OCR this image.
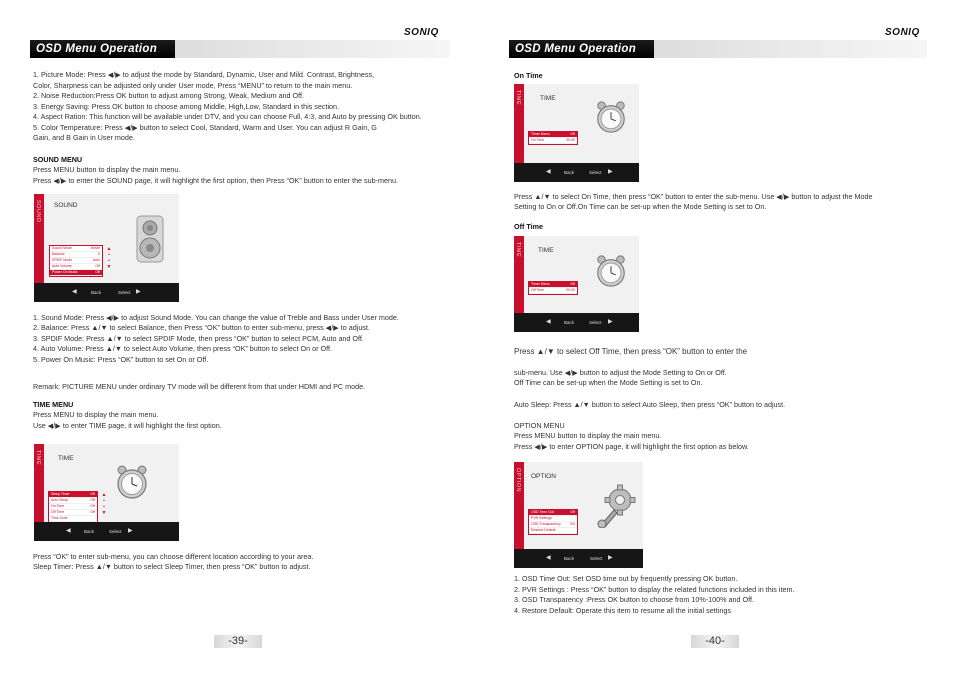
OSD Menu Operation
SONIQ
1. Picture Mode: Press ◀/▶ to adjust the mode by Standard, Dynamic, User and Mild. Contrast, Brightness,
Color, Sharpness can be adjusted only under User mode, Press “MENU” to return to the main menu.
2. Noise Reduction:Press OK button to adjust among Strong, Weak, Medium and Off.
3. Energy Saving: Press OK button to choose among Middle, High,Low, Standard in this section.
4. Aspect Ration: This function will be available under DTV, and you can choose Full, 4:3, and Auto by pressing OK button.
5. Color Temperature: Press ◀/▶ button to select Cool, Standard, Warm and User. You can adjust R Gain, G
Gain, and B Gain in User mode.
SOUND MENU
Press MENU button to display the main menu.
Press ◀/▶ to enter the SOUND page, it will highlight the first option, then Press “OK” button to enter the sub-menu.
SOUND SOUND
Sound Mode	Movie
Balance	0
SPDIF Mode	Auto
Auto Volume	Off
Power On Music	Off
▲
•
•
▼
◀	Back	Select ▶
1. Sound Mode: Press ◀/▶ to adjust Sound Mode. You can change the value of Treble and Bass under User mode.
2. Balance: Press ▲/▼ to select Balance, then Press “OK” button to enter sub-menu, press ◀/▶ to adjust.
3. SPDIF Mode: Press ▲/▼ to select SPDIF Mode, then press “OK” button to select PCM, Auto and Off.
4. Auto Volume: Press ▲/▼ to select Auto Volume, then press “OK” button to select On or Off.
5. Power On Music: Press “OK” button to set On or Off.
Remark: PICTURE MENU under ordinary TV mode will be different from that under HDMI and PC mode.
TIME MENU
Press MENU to display the main menu.
Use ◀/▶ to enter TIME page, it will highlight the first option.
TIME	TIME
Sleep Timer	Off
Auto Sleep	Off
On Time	Off
Off Time	Off
Time Zone
▲
•
•
▼
◀	Back	Select ▶
Press “OK” to enter sub-menu, you can choose different location according to your area.
Sleep Timer: Press ▲/▼ button to select Sleep Timer, then press “OK” button to adjust.
-39-
OSD Menu Operation
SONIQ
On Time
TIME	TIME
Timer Menu	Off
On Time	00:00
◀	Back	Select ▶
Press ▲/▼ to select On Time, then press “OK” button to enter the sub-menu. Use ◀/▶ button to adjust the Mode
Setting to On or Off.On Time can be set-up when the Mode Setting is set to On.
Off Time
TIME	TIME
Timer Menu	Off
Off Time	00:00
◀	Back	Select ▶
Press ▲/▼ to select Off Time, then press “OK” button to enter the
sub-menu. Use ◀/▶ button to adjust the Mode Setting to On or Off.
Off Time can be set-up when the Mode Setting is set to On.
Auto Sleep: Press ▲/▼ button to select Auto Sleep, then press “OK” button to adjust.
OPTION MENU
Press MENU button to display the main menu.
Press ◀/▶ to enter OPTION page, it will highlight the first option as below.
OPTION OPTION
OSD Time Out	Off
PVR Settings
OSD Transparency	0%
Restore Default
◀	Back	Select ▶
1. OSD Time Out: Set OSD time out by frequently pressing OK button.
2. PVR Settings : Press “OK” button to display the related functions included in this item.
3. OSD Transparency :Press OK button to choose from 10%-100% and Off.
4. Restore Default: Operate this item to resume all the initial settings
-40-
